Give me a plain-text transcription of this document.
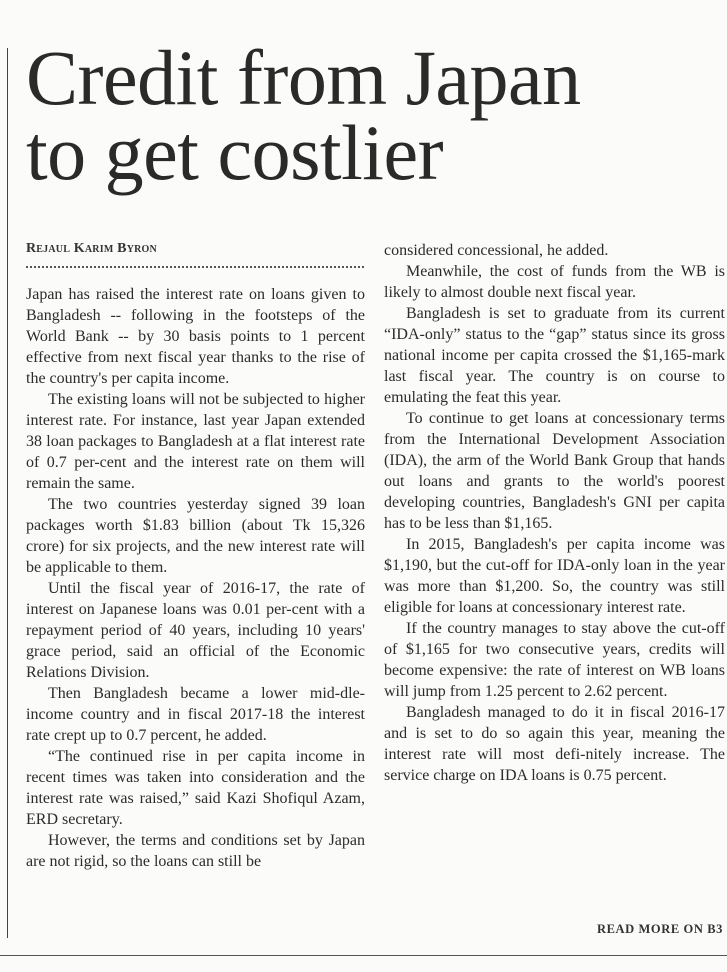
Credit from Japan
to get costlier

Rejaul Karim Byron

Japan has raised the interest rate on loans given to Bangladesh -- following in the footsteps of the World Bank -- by 30 basis points to 1 percent effective from next fiscal year thanks to the rise of the country's per capita income.

The existing loans will not be subjected to higher interest rate. For instance, last year Japan extended 38 loan packages to Bangladesh at a flat interest rate of 0.7 per-cent and the interest rate on them will remain the same.

The two countries yesterday signed 39 loan packages worth $1.83 billion (about Tk 15,326 crore) for six projects, and the new interest rate will be applicable to them.

Until the fiscal year of 2016-17, the rate of interest on Japanese loans was 0.01 per-cent with a repayment period of 40 years, including 10 years' grace period, said an official of the Economic Relations Division.

Then Bangladesh became a lower mid-dle-income country and in fiscal 2017-18 the interest rate crept up to 0.7 percent, he added.

“The continued rise in per capita income in recent times was taken into consideration and the interest rate was raised,” said Kazi Shofiqul Azam, ERD secretary.

However, the terms and conditions set by Japan are not rigid, so the loans can still be

considered concessional, he added.

Meanwhile, the cost of funds from the WB is likely to almost double next fiscal year.

Bangladesh is set to graduate from its current “IDA-only” status to the “gap” status since its gross national income per capita crossed the $1,165-mark last fiscal year. The country is on course to emulating the feat this year.

To continue to get loans at concessionary terms from the International Development Association (IDA), the arm of the World Bank Group that hands out loans and grants to the world's poorest developing countries, Bangladesh's GNI per capita has to be less than $1,165.

In 2015, Bangladesh's per capita income was $1,190, but the cut-off for IDA-only loan in the year was more than $1,200. So, the country was still eligible for loans at concessionary interest rate.

If the country manages to stay above the cut-off of $1,165 for two consecutive years, credits will become expensive: the rate of interest on WB loans will jump from 1.25 percent to 2.62 percent.

Bangladesh managed to do it in fiscal 2016-17 and is set to do so again this year, meaning the interest rate will most defi-nitely increase. The service charge on IDA loans is 0.75 percent.

READ MORE ON B3
